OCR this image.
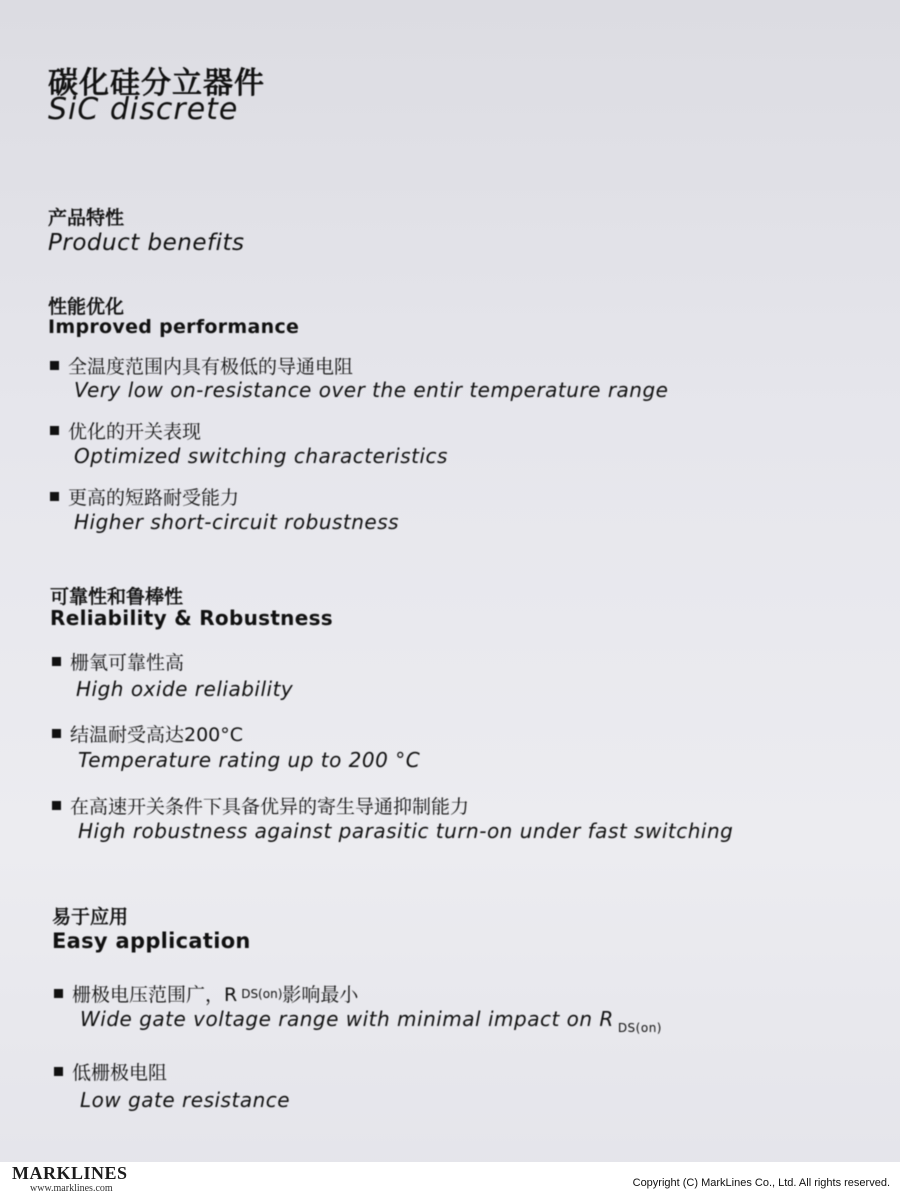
碳化硅分立器件
SiC discrete
产品特性
Product benefits
性能优化
Improved performance
全温度范围内具有极低的导通电阻
Very low on-resistance over the entir temperature range
优化的开关表现
Optimized switching characteristics
更高的短路耐受能力
Higher short-circuit robustness
可靠性和鲁棒性
Reliability & Robustness
栅氧可靠性高
High oxide reliability
结温耐受高达200°C
Temperature rating up to 200 °C
在高速开关条件下具备优异的寄生导通抑制能力
High robustness against parasitic turn-on under fast switching
易于应用
Easy application
栅极电压范围广，R DS(on) 影响最小
Wide gate voltage range with minimal impact on R $_{DS(on)}$
低栅极电阻
Low gate resistance
MARKLINES
www.marklines.com	Copyright (C) MarkLines Co., Ltd. All rights reserved.
